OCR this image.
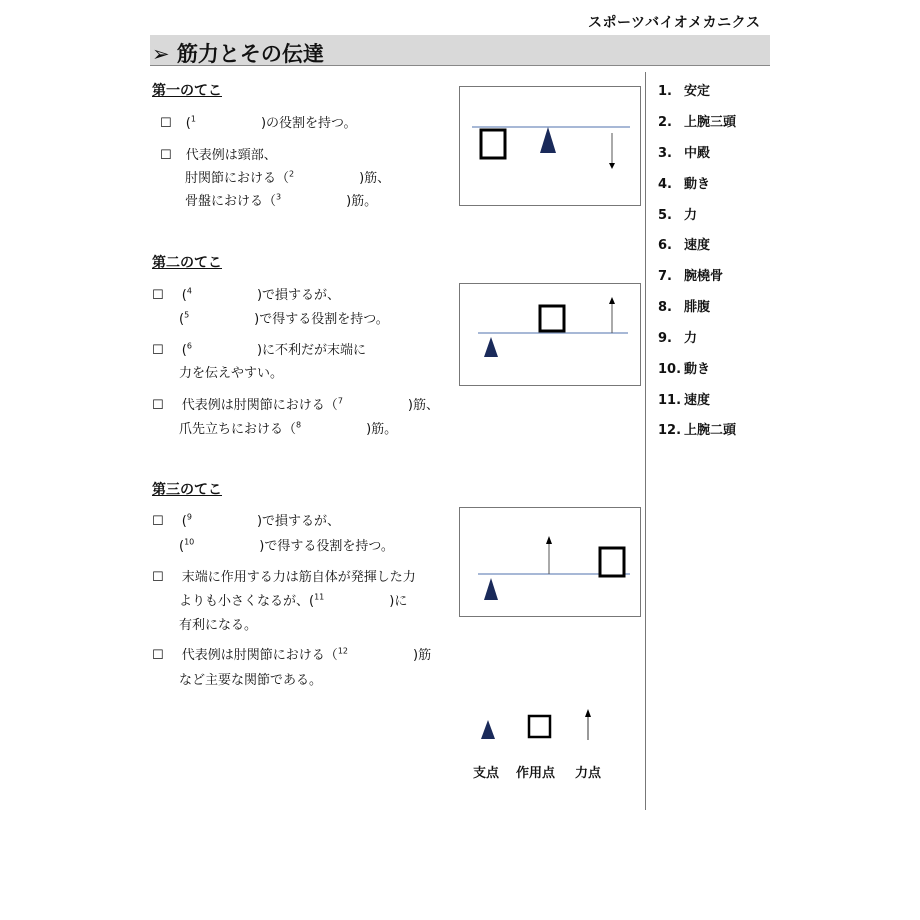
スポーツバイオメカニクス
➢ 筋力とその伝達
第一のてこ
☐ ($^1$　　　　　)の役割を持つ。
☐ 代表例は頸部、
肘関節における（$^2$　　　　　)筋、
骨盤における（$^3$　　　　　)筋。
第二のてこ
☐ ($^4$　　　　　)で損するが、
($^5$　　　　　)で得する役割を持つ。
☐ ($^6$　　　　　)に不利だが末端に
力を伝えやすい。
☐ 代表例は肘関節における（$^7$　　　　　)筋、
爪先立ちにおける（$^8$　　　　　)筋。
第三のてこ
☐ ($^9$　　　　　)で損するが、
($^{10}$　　　　　)で得する役割を持つ。
☐ 末端に作用する力は筋自体が発揮した力
よりも小さくなるが、($^{11}$　　　　　)に
有利になる。
☐ 代表例は肘関節における（$^{12}$　　　　　)筋
など主要な関節である。
支点 作用点 力点
1. 安定
2. 上腕三頭
3. 中殿
4. 動き
5. 力
6. 速度
7. 腕橈骨
8. 腓腹
9. 力
10. 動き
11. 速度
12. 上腕二頭
